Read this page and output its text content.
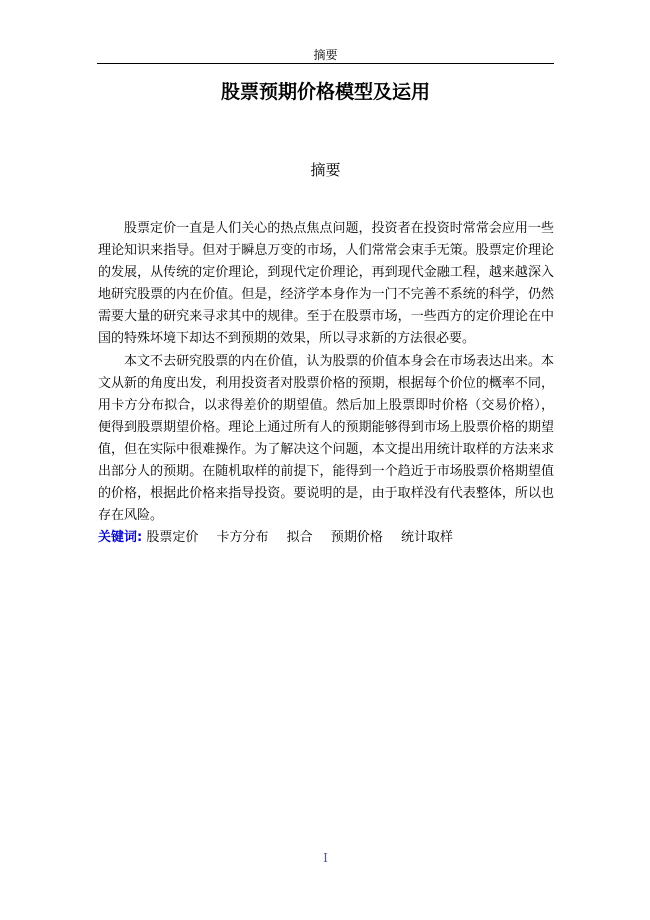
摘要
股票预期价格模型及运用
摘要

股票定价一直是人们关心的热点焦点问题，投资者在投资时常常会应用一些理论知识来指导。但对于瞬息万变的市场，人们常常会束手无策。股票定价理论的发展，从传统的定价理论，到现代定价理论，再到现代金融工程，越来越深入地研究股票的内在价值。但是，经济学本身作为一门不完善不系统的科学，仍然需要大量的研究来寻求其中的规律。至于在股票市场，一些西方的定价理论在中国的特殊坏境下却达不到预期的效果，所以寻求新的方法很必要。

本文不去研究股票的内在价值，认为股票的价值本身会在市场表达出来。本文从新的角度出发，利用投资者对股票价格的预期，根据每个价位的概率不同，用卡方分布拟合，以求得差价的期望值。然后加上股票即时价格（交易价格），便得到股票期望价格。理论上通过所有人的预期能够得到市场上股票价格的期望值，但在实际中很难操作。为了解决这个问题，本文提出用统计取样的方法来求出部分人的预期。在随机取样的前提下，能得到一个趋近于市场股票价格期望值的价格，根据此价格来指导投资。要说明的是，由于取样没有代表整体，所以也存在风险。

关键词: 股票定价 卡方分布 拟合 预期价格 统计取样
I
